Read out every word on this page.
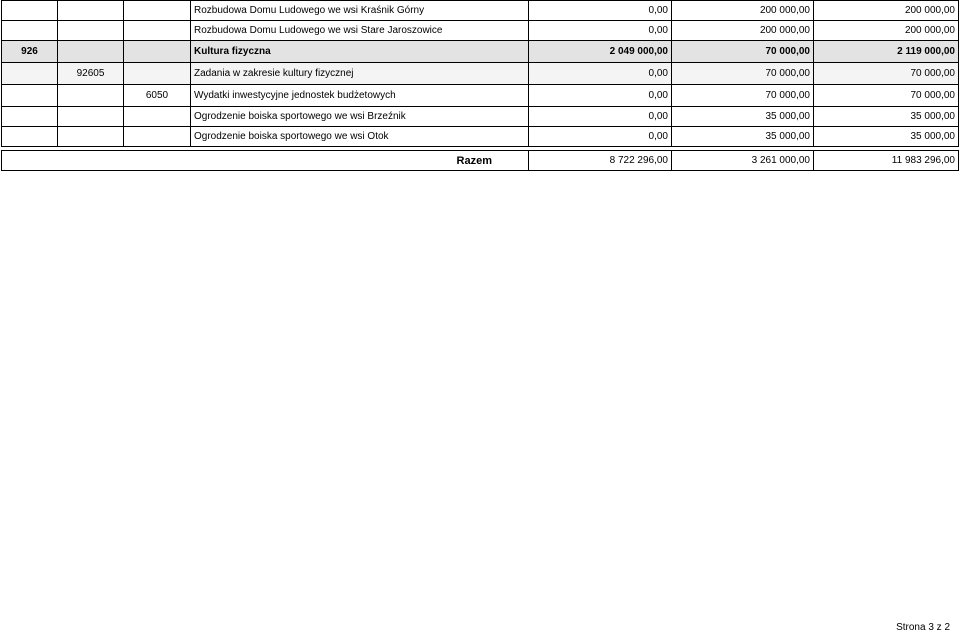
			Rozbudowa Domu Ludowego we wsi Kraśnik Górny	0,00	200 000,00	200 000,00
			Rozbudowa Domu Ludowego we wsi Stare Jaroszowice	0,00	200 000,00	200 000,00
926			Kultura fizyczna	2 049 000,00	70 000,00	2 119 000,00
	92605		Zadania w zakresie kultury fizycznej	0,00	70 000,00	70 000,00
		6050	Wydatki inwestycyjne jednostek budżetowych	0,00	70 000,00	70 000,00
			Ogrodzenie boiska sportowego we wsi Brzeźnik	0,00	35 000,00	35 000,00
			Ogrodzenie boiska sportowego we wsi Otok	0,00	35 000,00	35 000,00
Razem	8 722 296,00	3 261 000,00	11 983 296,00
Strona 3 z 2
